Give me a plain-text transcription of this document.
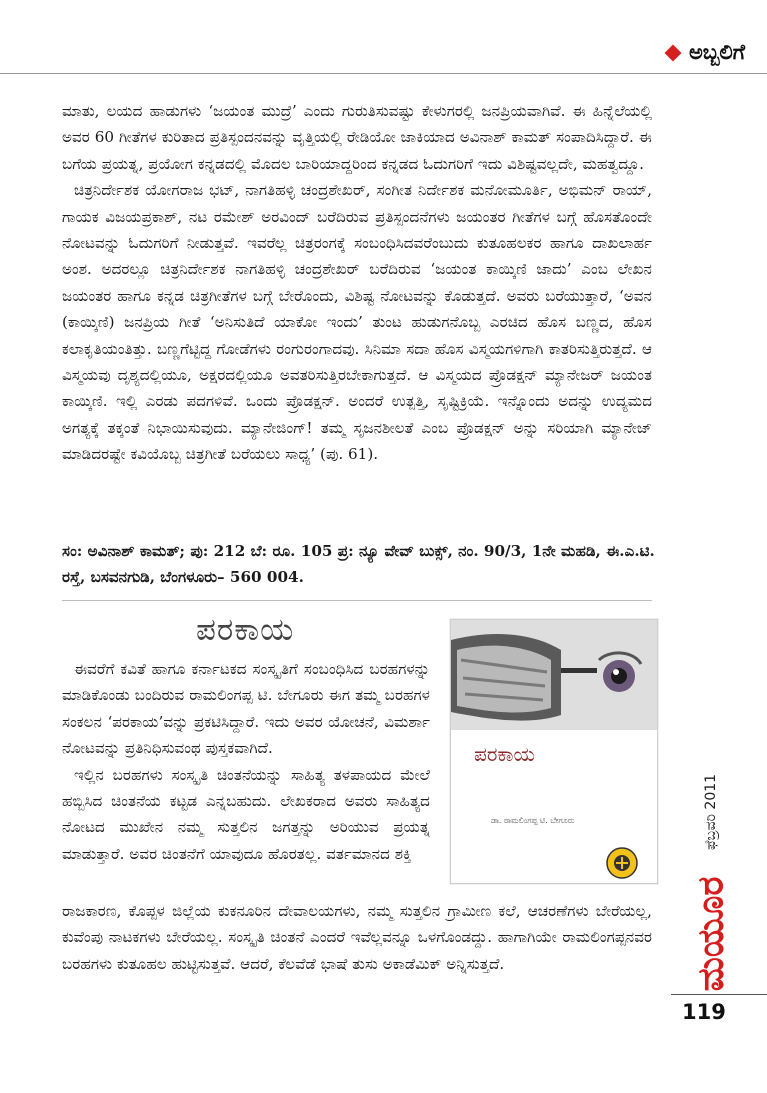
ಅಬ್ಬಲಿಗೆ

ಮಾತು, ಲಯದ ಹಾಡುಗಳು ‘ಜಯಂತ ಮುದ್ರೆ’ ಎಂದು ಗುರುತಿಸುವಷ್ಟು ಕೇಳುಗರಲ್ಲಿ ಜನಪ್ರಿಯವಾಗಿವೆ. ಈ ಹಿನ್ನೆಲೆಯಲ್ಲಿ ಅವರ 60 ಗೀತೆಗಳ ಕುರಿತಾದ ಪ್ರತಿಸ್ಪಂದನವನ್ನು ವೃತ್ತಿಯಲ್ಲಿ ರೇಡಿಯೋ ಜಾಕಿಯಾದ ಅವಿನಾಶ್ ಕಾಮತ್ ಸಂಪಾದಿಸಿದ್ದಾರೆ. ಈ ಬಗೆಯ ಪ್ರಯತ್ನ, ಪ್ರಯೋಗ ಕನ್ನಡದಲ್ಲಿ ಮೊದಲ ಬಾರಿಯಾದ್ದರಿಂದ ಕನ್ನಡದ ಓದುಗರಿಗೆ ಇದು ವಿಶಿಷ್ಟವಲ್ಲದೇ, ಮಹತ್ವದ್ದೂ.

ಚಿತ್ರನಿರ್ದೇಶಕ ಯೋಗರಾಜ ಭಟ್, ನಾಗತಿಹಳ್ಳಿ ಚಂದ್ರಶೇಖರ್, ಸಂಗೀತ ನಿರ್ದೇಶಕ ಮನೋಮೂರ್ತಿ, ಅಭಿಮನ್ ರಾಯ್, ಗಾಯಕ ವಿಜಯಪ್ರಕಾಶ್, ನಟ ರಮೇಶ್ ಅರವಿಂದ್ ಬರೆದಿರುವ ಪ್ರತಿಸ್ಪಂದನೆಗಳು ಜಯಂತರ ಗೀತೆಗಳ ಬಗ್ಗೆ ಹೊಸತೊಂದೇ ನೋಟವನ್ನು ಓದುಗರಿಗೆ ನೀಡುತ್ತವೆ. ಇವರೆಲ್ಲ ಚಿತ್ರರಂಗಕ್ಕೆ ಸಂಬಂಧಿಸಿದವರೆಂಬುದು ಕುತೂಹಲಕರ ಹಾಗೂ ದಾಖಲಾರ್ಹ ಅಂಶ. ಅದರಲ್ಲೂ ಚಿತ್ರನಿರ್ದೇಶಕ ನಾಗತಿಹಳ್ಳಿ ಚಂದ್ರಶೇಖರ್ ಬರೆದಿರುವ ‘ಜಯಂತ ಕಾಯ್ಕಿಣಿ ಜಾದು’ ಎಂಬ ಲೇಖನ ಜಯಂತರ ಹಾಗೂ ಕನ್ನಡ ಚಿತ್ರಗೀತೆಗಳ ಬಗ್ಗೆ ಬೇರೊಂದು, ವಿಶಿಷ್ಟ ನೋಟವನ್ನು ಕೊಡುತ್ತದೆ. ಅವರು ಬರೆಯುತ್ತಾರೆ, ‘ಅವನ (ಕಾಯ್ಕಿಣಿ) ಜನಪ್ರಿಯ ಗೀತೆ ‘ಅನಿಸುತಿದೆ ಯಾಕೋ ಇಂದು’ ತುಂಟ ಹುಡುಗನೊಬ್ಬ ಎರಚಿದ ಹೊಸ ಬಣ್ಣದ, ಹೊಸ ಕಲಾಕೃತಿಯಂತಿತ್ತು. ಬಣ್ಣಗೆಟ್ಟಿದ್ದ ಗೋಡೆಗಳು ರಂಗುರಂಗಾದವು. ಸಿನಿಮಾ ಸದಾ ಹೊಸ ವಿಸ್ಮಯಗಳಿಗಾಗಿ ಕಾತರಿಸುತ್ತಿರುತ್ತದೆ. ಆ ವಿಸ್ಮಯವು ದೃಶ್ಯದಲ್ಲಿಯೂ, ಅಕ್ಷರದಲ್ಲಿಯೂ ಅವತರಿಸುತ್ತಿರಬೇಕಾಗುತ್ತದೆ. ಆ ವಿಸ್ಮಯದ ಪ್ರೊಡಕ್ಷನ್ ಮ್ಯಾನೇಜರ್ ಜಯಂತ ಕಾಯ್ಕಿಣಿ. ಇಲ್ಲಿ ಎರಡು ಪದಗಳಿವೆ. ಒಂದು ಪ್ರೊಡಕ್ಷನ್. ಅಂದರೆ ಉತ್ಪತ್ತಿ, ಸೃಷ್ಟಿಕ್ರಿಯೆ. ಇನ್ನೊಂದು ಅದನ್ನು ಉದ್ಯಮದ ಅಗತ್ಯಕ್ಕೆ ತಕ್ಕಂತೆ ನಿಭಾಯಿಸುವುದು. ಮ್ಯಾನೇಜಿಂಗ್! ತಮ್ಮ ಸೃಜನಶೀಲತೆ ಎಂಬ ಪ್ರೊಡಕ್ಷನ್ ಅನ್ನು ಸರಿಯಾಗಿ ಮ್ಯಾನೇಜ್ ಮಾಡಿದರಷ್ಟೇ ಕವಿಯೊಬ್ಬ ಚಿತ್ರಗೀತೆ ಬರೆಯಲು ಸಾಧ್ಯ’ (ಪು. 61).

ಸಂ: ಅವಿನಾಶ್ ಕಾಮತ್; ಪು: 212 ಬೆ: ರೂ. 105 ಪ್ರ: ನ್ಯೂ ವೇವ್ ಬುಕ್ಸ್, ನಂ. 90/3, 1ನೇ ಮಹಡಿ, ಈ.ಎ.ಟಿ. ರಸ್ತೆ, ಬಸವನಗುಡಿ, ಬೆಂಗಳೂರು– 560 004.
ಪರಕಾಯ

ಈವರೆಗೆ ಕವಿತೆ ಹಾಗೂ ಕರ್ನಾಟಕದ ಸಂಸ್ಕೃತಿಗೆ ಸಂಬಂಧಿಸಿದ ಬರಹಗಳನ್ನು ಮಾಡಿಕೊಂಡು ಬಂದಿರುವ ರಾಮಲಿಂಗಪ್ಪ ಟಿ. ಬೇಗೂರು ಈಗ ತಮ್ಮ ಬರಹಗಳ ಸಂಕಲನ ‘ಪರಕಾಯ’ವನ್ನು ಪ್ರಕಟಿಸಿದ್ದಾರೆ. ಇದು ಅವರ ಯೋಚನೆ, ವಿಮರ್ಶಾ ನೋಟವನ್ನು ಪ್ರತಿನಿಧಿಸುವಂಥ ಪುಸ್ತಕವಾಗಿದೆ.

ಇಲ್ಲಿನ ಬರಹಗಳು ಸಂಸ್ಕೃತಿ ಚಿಂತನೆಯನ್ನು ಸಾಹಿತ್ಯ ತಳಪಾಯದ ಮೇಲೆ ಹಬ್ಬಿಸಿದ ಚಿಂತನೆಯ ಕಟ್ಟಡ ಎನ್ನಬಹುದು. ಲೇಖಕರಾದ ಅವರು ಸಾಹಿತ್ಯದ ನೋಟದ ಮುಖೇನ ನಮ್ಮ ಸುತ್ತಲಿನ ಜಗತ್ತನ್ನು ಅರಿಯುವ ಪ್ರಯತ್ನ ಮಾಡುತ್ತಾರೆ. ಅವರ ಚಿಂತನೆಗೆ ಯಾವುದೂ ಹೊರತಲ್ಲ. ವರ್ತಮಾನದ ಶಕ್ತಿ

ರಾಜಕಾರಣ, ಕೊಪ್ಪಳ ಜಿಲ್ಲೆಯ ಕುಕನೂರಿನ ದೇವಾಲಯಗಳು, ನಮ್ಮ ಸುತ್ತಲಿನ ಗ್ರಾಮೀಣ ಕಲೆ, ಆಚರಣೆಗಳು ಬೇರೆಯಲ್ಲ, ಕುವೆಂಪು ನಾಟಕಗಳು ಬೇರೆಯಲ್ಲ. ಸಂಸ್ಕೃತಿ ಚಿಂತನೆ ಎಂದರೆ ಇವೆಲ್ಲವನ್ನೂ ಒಳಗೊಂಡದ್ದು. ಹಾಗಾಗಿಯೇ ರಾಮಲಿಂಗಪ್ಪನವರ ಬರಹಗಳು ಕುತೂಹಲ ಹುಟ್ಟಿಸುತ್ತವೆ. ಆದರೆ, ಕೆಲವೆಡೆ ಭಾಷೆ ತುಸು ಅಕಾಡೆಮಿಕ್ ಅನ್ನಿಸುತ್ತದೆ.

ಪರಕಾಯ
ಡಾ. ರಾಮಲಿಂಗಪ್ಪ ಟಿ. ಬೇಗೂರು	ಫೆಬ್ರವರಿ 2011
ಮಯೂರ
119
